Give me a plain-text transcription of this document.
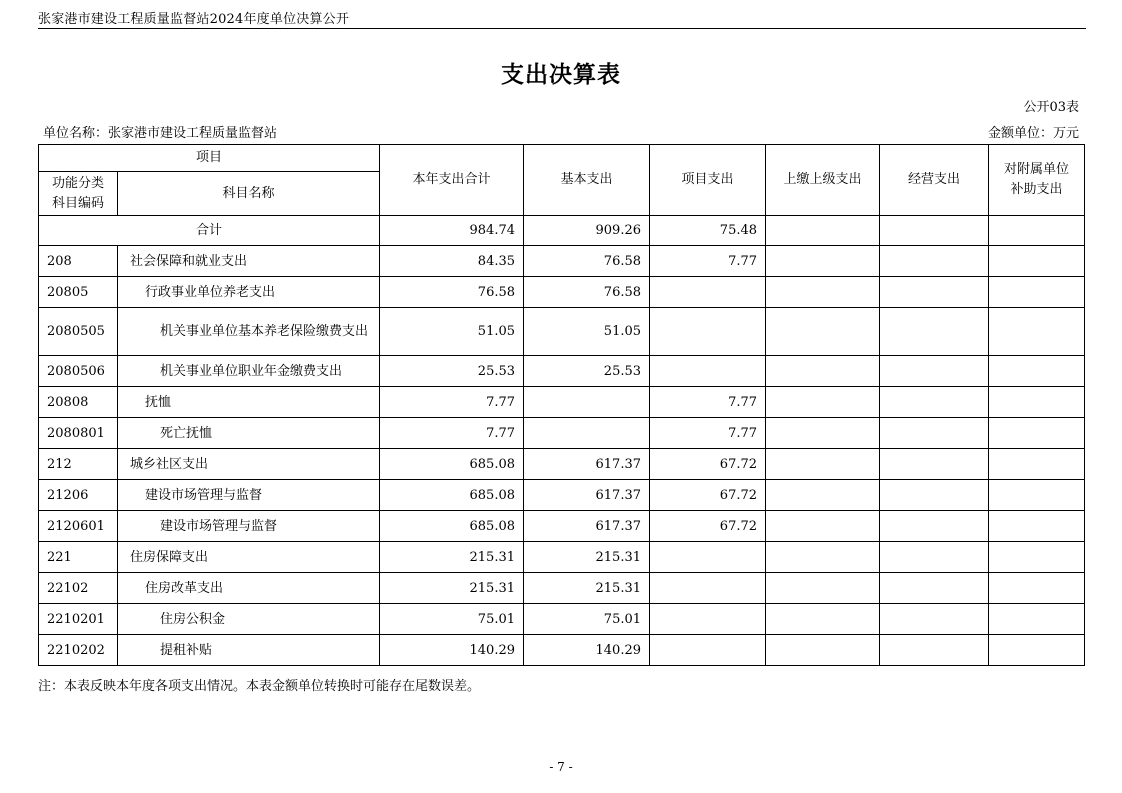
张家港市建设工程质量监督站2024年度单位决算公开
支出决算表
公开03表
单位名称：张家港市建设工程质量监督站	金额单位：万元
项目		本年支出合计	基本支出	项目支出	上缴上级支出	经营支出	对附属单位
补助支出

功能分类
科目编码	科目名称						
合计		984.74	909.26	75.48			
208	社会保障和就业支出	84.35	76.58	7.77			
20805	行政事业单位养老支出	76.58	76.58				
2080505	机关事业单位基本养老保险缴费支出	51.05	51.05				
2080506	机关事业单位职业年金缴费支出	25.53	25.53				
20808	抚恤	7.77		7.77			
2080801	死亡抚恤	7.77		7.77			
212	城乡社区支出	685.08	617.37	67.72			
21206	建设市场管理与监督	685.08	617.37	67.72			
2120601	建设市场管理与监督	685.08	617.37	67.72			
221	住房保障支出	215.31	215.31				
22102	住房改革支出	215.31	215.31				
2210201	住房公积金	75.01	75.01				
2210202	提租补贴	140.29	140.29				
注：本表反映本年度各项支出情况。本表金额单位转换时可能存在尾数误差。
- 7 -
